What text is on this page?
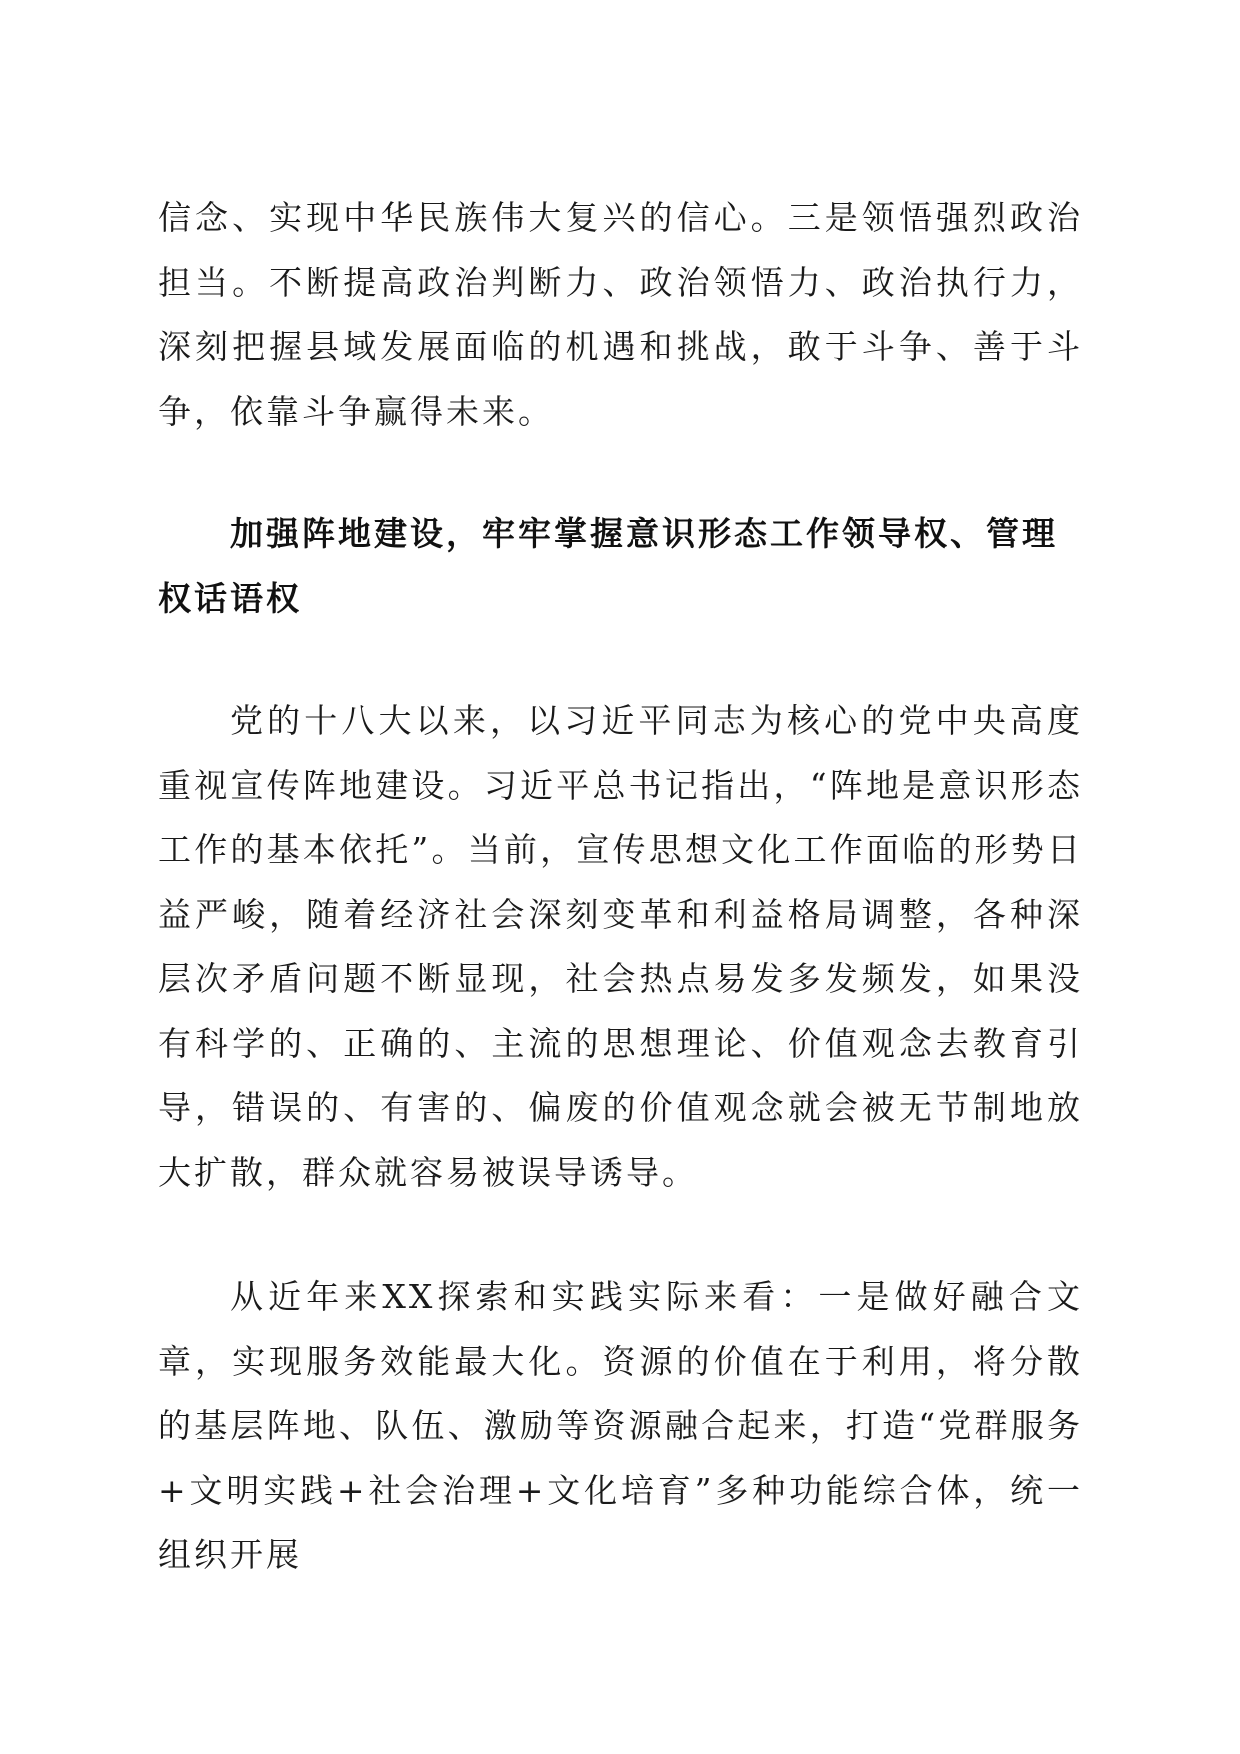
信念、实现中华民族伟大复兴的信心。三是领悟强烈政治担当。不断提高政治判断力、政治领悟力、政治执行力，深刻把握县域发展面临的机遇和挑战，敢于斗争、善于斗争，依靠斗争赢得未来。

加强阵地建设，牢牢掌握意识形态工作领导权、管理权话语权

党的十八大以来，以习近平同志为核心的党中央高度重视宣传阵地建设。习近平总书记指出，“阵地是意识形态工作的基本依托”。当前，宣传思想文化工作面临的形势日益严峻，随着经济社会深刻变革和利益格局调整，各种深层次矛盾问题不断显现，社会热点易发多发频发，如果没有科学的、正确的、主流的思想理论、价值观念去教育引导，错误的、有害的、偏废的价值观念就会被无节制地放大扩散，群众就容易被误导诱导。

从近年来XX探索和实践实际来看：一是做好融合文章，实现服务效能最大化。资源的价值在于利用，将分散的基层阵地、队伍、激励等资源融合起来，打造“党群服务+文明实践+社会治理+文化培育”多种功能综合体，统一组织开展
